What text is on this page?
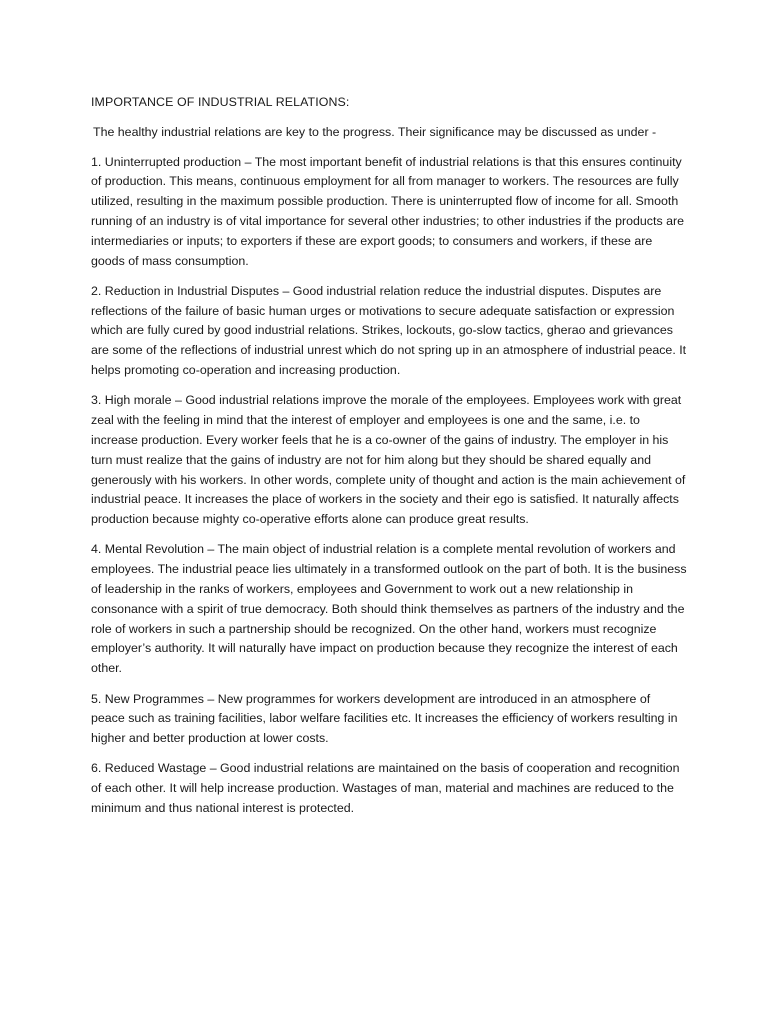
IMPORTANCE OF INDUSTRIAL RELATIONS:

The healthy industrial relations are key to the progress. Their significance may be discussed as under -

1. Uninterrupted production – The most important benefit of industrial relations is that this ensures continuity of production. This means, continuous employment for all from manager to workers. The resources are fully utilized, resulting in the maximum possible production. There is uninterrupted flow of income for all. Smooth running of an industry is of vital importance for several other industries; to other industries if the products are intermediaries or inputs; to exporters if these are export goods; to consumers and workers, if these are goods of mass consumption.

2. Reduction in Industrial Disputes – Good industrial relation reduce the industrial disputes. Disputes are reflections of the failure of basic human urges or motivations to secure adequate satisfaction or expression which are fully cured by good industrial relations. Strikes, lockouts, go-slow tactics, gherao and grievances are some of the reflections of industrial unrest which do not spring up in an atmosphere of industrial peace. It helps promoting co-operation and increasing production.

3. High morale – Good industrial relations improve the morale of the employees. Employees work with great zeal with the feeling in mind that the interest of employer and employees is one and the same, i.e. to increase production. Every worker feels that he is a co-owner of the gains of industry. The employer in his turn must realize that the gains of industry are not for him along but they should be shared equally and generously with his workers. In other words, complete unity of thought and action is the main achievement of industrial peace. It increases the place of workers in the society and their ego is satisfied. It naturally affects production because mighty co-operative efforts alone can produce great results.

4. Mental Revolution – The main object of industrial relation is a complete mental revolution of workers and employees. The industrial peace lies ultimately in a transformed outlook on the part of both. It is the business of leadership in the ranks of workers, employees and Government to work out a new relationship in consonance with a spirit of true democracy. Both should think themselves as partners of the industry and the role of workers in such a partnership should be recognized. On the other hand, workers must recognize employer’s authority. It will naturally have impact on production because they recognize the interest of each other.

5. New Programmes – New programmes for workers development are introduced in an atmosphere of peace such as training facilities, labor welfare facilities etc. It increases the efficiency of workers resulting in higher and better production at lower costs.

6. Reduced Wastage – Good industrial relations are maintained on the basis of cooperation and recognition of each other. It will help increase production. Wastages of man, material and machines are reduced to the minimum and thus national interest is protected.
